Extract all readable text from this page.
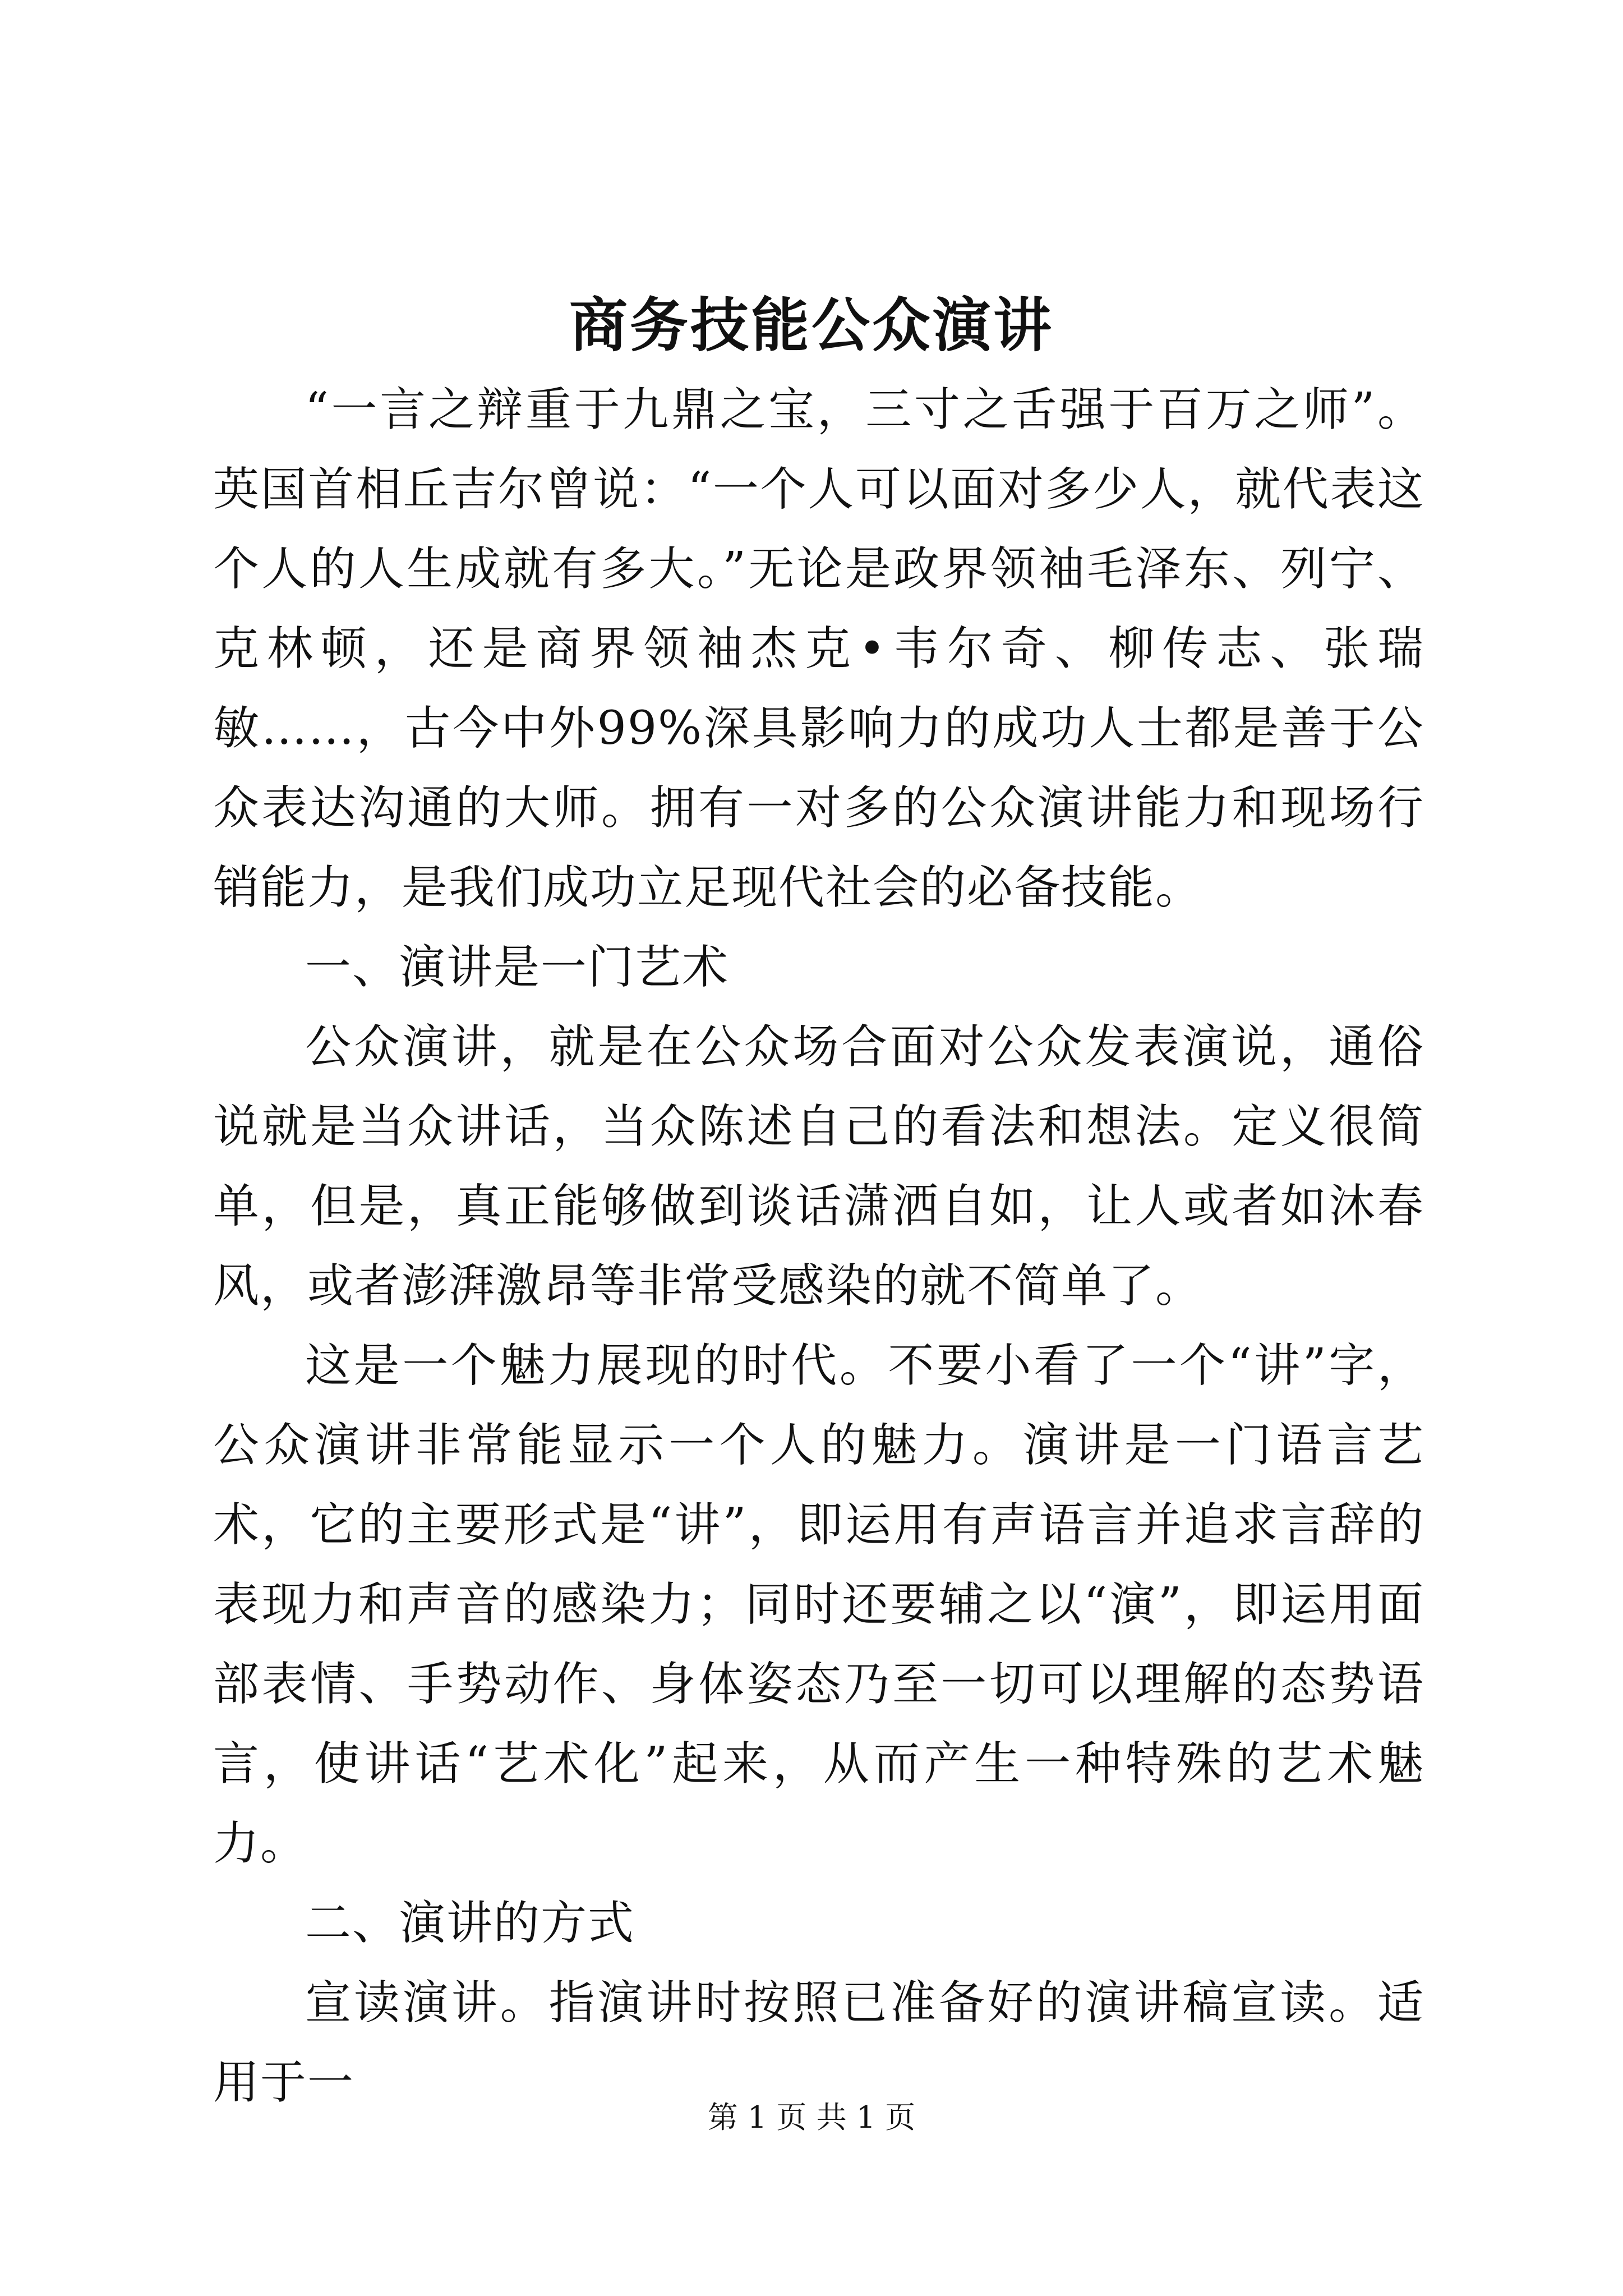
商务技能公众演讲

“一言之辩重于九鼎之宝，三寸之舌强于百万之师”。英国首相丘吉尔曾说：“一个人可以面对多少人，就代表这个人的人生成就有多大。”无论是政界领袖毛泽东、列宁、克林顿，还是商界领袖杰克•韦尔奇、柳传志、张瑞敏……，古今中外99%深具影响力的成功人士都是善于公众表达沟通的大师。拥有一对多的公众演讲能力和现场行销能力，是我们成功立足现代社会的必备技能。

一、演讲是一门艺术

公众演讲，就是在公众场合面对公众发表演说，通俗说就是当众讲话，当众陈述自己的看法和想法。定义很简单，但是，真正能够做到谈话潇洒自如，让人或者如沐春风，或者澎湃激昂等非常受感染的就不简单了。

这是一个魅力展现的时代。不要小看了一个“讲”字，公众演讲非常能显示一个人的魅力。演讲是一门语言艺术，它的主要形式是“讲”，即运用有声语言并追求言辞的表现力和声音的感染力；同时还要辅之以“演”，即运用面部表情、手势动作、身体姿态乃至一切可以理解的态势语言，使讲话“艺术化”起来，从而产生一种特殊的艺术魅力。

二、演讲的方式

宣读演讲。指演讲时按照已准备好的演讲稿宣读。适用于一

第 1 页 共 1 页
